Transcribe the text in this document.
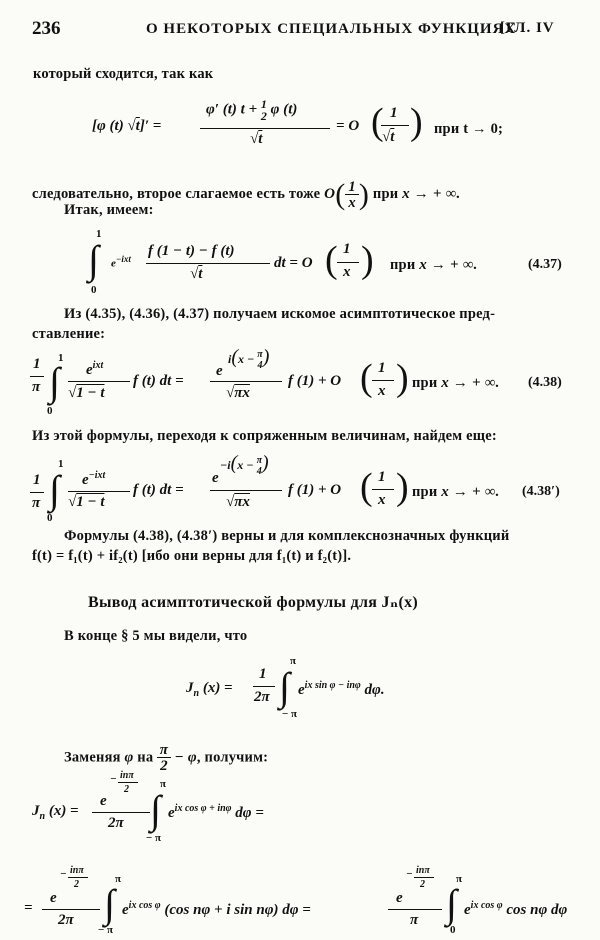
236	О НЕКОТОРЫХ СПЕЦИАЛЬНЫХ ФУНКЦИЯХ
[ГЛ. IV
который сходится, так как
[φ (t) √t]′ =
φ′ (t) t + 1
2 φ (t)
√t
= O ( 1
√t ) при t → 0;
следовательно, второе слагаемое есть тоже O( 1
x ) при x → + ∞.
Итак, имеем:
1
∫
0
$e^{-ixt}$ f (1 − t) − f (t)
√t
dt = O ( 1
x ) при x → + ∞.	(4.37)
Из (4.35), (4.36), (4.37) получаем искомое асимптотическое пред-
ставление:
1
π
1
∫
0
$e^{ixt}$
√1 − t
f (t) dt =
i(x − π
4)
e
√πx
f (1) + O ( 1
x ) при x → + ∞. (4.38)
Из этой формулы, переходя к сопряженным величинам, найдем еще:
1
π
1
∫
0
$e^{-ixt}$
√1 − t
f (t) dt =
−i(x − π
4)
e
√πx
f (1) + O ( 1
x ) при x → + ∞. (4.38′)
Формулы (4.38), (4.38′) верны и для комплекснозначных функций
f(t) = f₁(t) + if₂(t) [ибо они верны для f₁(t) и f₂(t)].
Вывод асимптотической формулы для Jₙ(x)
В конце § 5 мы видели, что
$J_n$ (x) =
1
2π
π
∫
− π
$e^{ix sin \varphi - in\varphi}$ dφ.
Заменяя φ на π
2 − φ, получим:
$J_n$ (x) =
e
− inπ
2
2π
π
∫
− π
$e^{ix cos \varphi + in\varphi}$ dφ =
=
e
− inπ
2
2π
π
∫
− π
$e^{ix cos \varphi}$ (cos nφ + i sin nφ) dφ =
e
− inπ
2
π
π
∫
0
$e^{ix cos \varphi}$ cos nφ dφ
